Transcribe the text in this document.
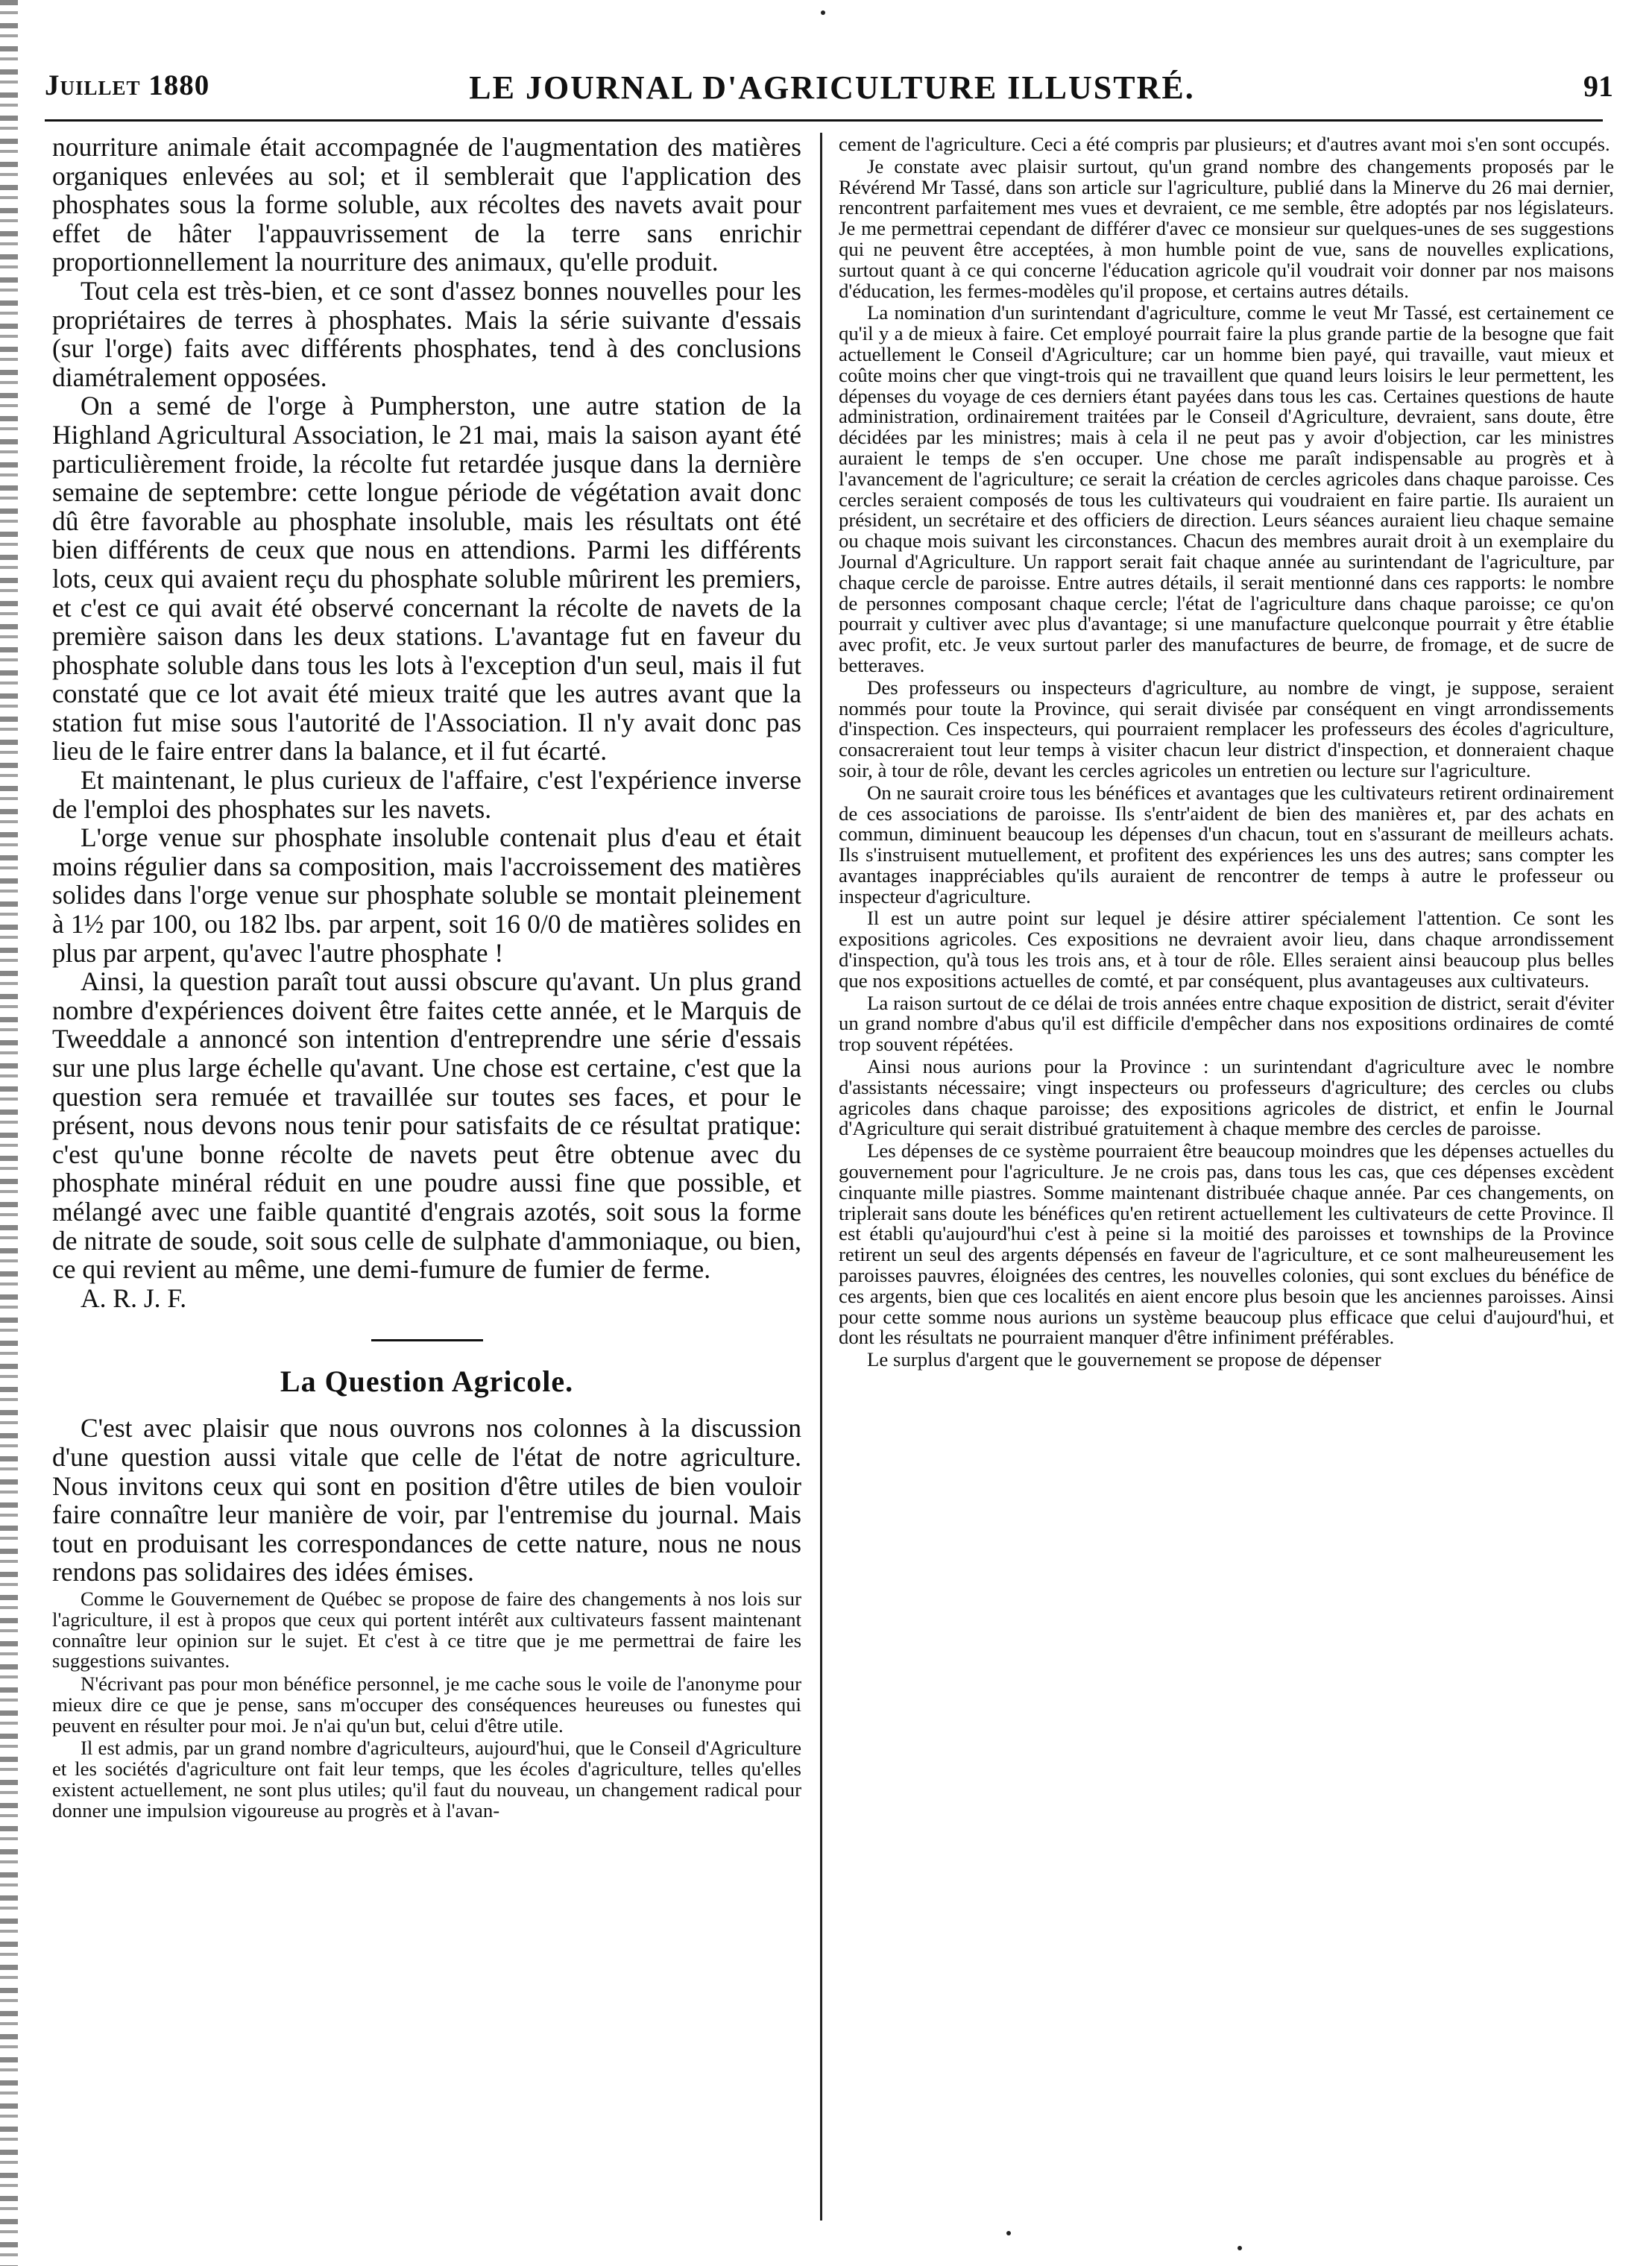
Juillet 1880	LE JOURNAL D'AGRICULTURE ILLUSTRÉ.	91

nourriture animale était accompagnée de l'augmentation des matières organiques enlevées au sol; et il semblerait que l'application des phosphates sous la forme soluble, aux récoltes des navets avait pour effet de hâter l'appauvrissement de la terre sans enrichir proportionnellement la nourriture des animaux, qu'elle produit.

Tout cela est très-bien, et ce sont d'assez bonnes nouvelles pour les propriétaires de terres à phosphates. Mais la série suivante d'essais (sur l'orge) faits avec différents phosphates, tend à des conclusions diamétralement opposées.

On a semé de l'orge à Pumpherston, une autre station de la Highland Agricultural Association, le 21 mai, mais la saison ayant été particulièrement froide, la récolte fut retardée jusque dans la dernière semaine de septembre: cette longue période de végétation avait donc dû être favorable au phosphate insoluble, mais les résultats ont été bien différents de ceux que nous en attendions. Parmi les différents lots, ceux qui avaient reçu du phosphate soluble mûrirent les premiers, et c'est ce qui avait été observé concernant la récolte de navets de la première saison dans les deux stations. L'avantage fut en faveur du phosphate soluble dans tous les lots à l'exception d'un seul, mais il fut constaté que ce lot avait été mieux traité que les autres avant que la station fut mise sous l'autorité de l'Association. Il n'y avait donc pas lieu de le faire entrer dans la balance, et il fut écarté.

Et maintenant, le plus curieux de l'affaire, c'est l'expérience inverse de l'emploi des phosphates sur les navets.

L'orge venue sur phosphate insoluble contenait plus d'eau et était moins régulier dans sa composition, mais l'accroissement des matières solides dans l'orge venue sur phosphate soluble se montait pleinement à 1½ par 100, ou 182 lbs. par arpent, soit 16 0/0 de matières solides en plus par arpent, qu'avec l'autre phosphate !

Ainsi, la question paraît tout aussi obscure qu'avant. Un plus grand nombre d'expériences doivent être faites cette année, et le Marquis de Tweeddale a annoncé son intention d'entreprendre une série d'essais sur une plus large échelle qu'avant. Une chose est certaine, c'est que la question sera remuée et travaillée sur toutes ses faces, et pour le présent, nous devons nous tenir pour satisfaits de ce résultat pratique: c'est qu'une bonne récolte de navets peut être obtenue avec du phosphate minéral réduit en une poudre aussi fine que possible, et mélangé avec une faible quantité d'engrais azotés, soit sous la forme de nitrate de soude, soit sous celle de sulphate d'ammoniaque, ou bien, ce qui revient au même, une demi-fumure de fumier de ferme.

A. R. J. F.

La Question Agricole.

C'est avec plaisir que nous ouvrons nos colonnes à la discussion d'une question aussi vitale que celle de l'état de notre agriculture. Nous invitons ceux qui sont en position d'être utiles de bien vouloir faire connaître leur manière de voir, par l'entremise du journal. Mais tout en produisant les correspondances de cette nature, nous ne nous rendons pas solidaires des idées émises.

Comme le Gouvernement de Québec se propose de faire des changements à nos lois sur l'agriculture, il est à propos que ceux qui portent intérêt aux cultivateurs fassent maintenant connaître leur opinion sur le sujet. Et c'est à ce titre que je me permettrai de faire les suggestions suivantes.

N'écrivant pas pour mon bénéfice personnel, je me cache sous le voile de l'anonyme pour mieux dire ce que je pense, sans m'occuper des conséquences heureuses ou funestes qui peuvent en résulter pour moi. Je n'ai qu'un but, celui d'être utile.

Il est admis, par un grand nombre d'agriculteurs, aujourd'hui, que le Conseil d'Agriculture et les sociétés d'agriculture ont fait leur temps, que les écoles d'agriculture, telles qu'elles existent actuellement, ne sont plus utiles; qu'il faut du nouveau, un changement radical pour donner une impulsion vigoureuse au progrès et à l'avan-

cement de l'agriculture. Ceci a été compris par plusieurs; et d'autres avant moi s'en sont occupés.

Je constate avec plaisir surtout, qu'un grand nombre des changements proposés par le Révérend Mr Tassé, dans son article sur l'agriculture, publié dans la Minerve du 26 mai dernier, rencontrent parfaitement mes vues et devraient, ce me semble, être adoptés par nos législateurs. Je me permettrai cependant de différer d'avec ce monsieur sur quelques-unes de ses suggestions qui ne peuvent être acceptées, à mon humble point de vue, sans de nouvelles explications, surtout quant à ce qui concerne l'éducation agricole qu'il voudrait voir donner par nos maisons d'éducation, les fermes-modèles qu'il propose, et certains autres détails.

La nomination d'un surintendant d'agriculture, comme le veut Mr Tassé, est certainement ce qu'il y a de mieux à faire. Cet employé pourrait faire la plus grande partie de la besogne que fait actuellement le Conseil d'Agriculture; car un homme bien payé, qui travaille, vaut mieux et coûte moins cher que vingt-trois qui ne travaillent que quand leurs loisirs le leur permettent, les dépenses du voyage de ces derniers étant payées dans tous les cas. Certaines questions de haute administration, ordinairement traitées par le Conseil d'Agriculture, devraient, sans doute, être décidées par les ministres; mais à cela il ne peut pas y avoir d'objection, car les ministres auraient le temps de s'en occuper. Une chose me paraît indispensable au progrès et à l'avancement de l'agriculture; ce serait la création de cercles agricoles dans chaque paroisse. Ces cercles seraient composés de tous les cultivateurs qui voudraient en faire partie. Ils auraient un président, un secrétaire et des officiers de direction. Leurs séances auraient lieu chaque semaine ou chaque mois suivant les circonstances. Chacun des membres aurait droit à un exemplaire du Journal d'Agriculture. Un rapport serait fait chaque année au surintendant de l'agriculture, par chaque cercle de paroisse. Entre autres détails, il serait mentionné dans ces rapports: le nombre de personnes composant chaque cercle; l'état de l'agriculture dans chaque paroisse; ce qu'on pourrait y cultiver avec plus d'avantage; si une manufacture quelconque pourrait y être établie avec profit, etc. Je veux surtout parler des manufactures de beurre, de fromage, et de sucre de betteraves.

Des professeurs ou inspecteurs d'agriculture, au nombre de vingt, je suppose, seraient nommés pour toute la Province, qui serait divisée par conséquent en vingt arrondissements d'inspection. Ces inspecteurs, qui pourraient remplacer les professeurs des écoles d'agriculture, consacreraient tout leur temps à visiter chacun leur district d'inspection, et donneraient chaque soir, à tour de rôle, devant les cercles agricoles un entretien ou lecture sur l'agriculture.

On ne saurait croire tous les bénéfices et avantages que les cultivateurs retirent ordinairement de ces associations de paroisse. Ils s'entr'aident de bien des manières et, par des achats en commun, diminuent beaucoup les dépenses d'un chacun, tout en s'assurant de meilleurs achats. Ils s'instruisent mutuellement, et profitent des expériences les uns des autres; sans compter les avantages inappréciables qu'ils auraient de rencontrer de temps à autre le professeur ou inspecteur d'agriculture.

Il est un autre point sur lequel je désire attirer spécialement l'attention. Ce sont les expositions agricoles. Ces expositions ne devraient avoir lieu, dans chaque arrondissement d'inspection, qu'à tous les trois ans, et à tour de rôle. Elles seraient ainsi beaucoup plus belles que nos expositions actuelles de comté, et par conséquent, plus avantageuses aux cultivateurs.

La raison surtout de ce délai de trois années entre chaque exposition de district, serait d'éviter un grand nombre d'abus qu'il est difficile d'empêcher dans nos expositions ordinaires de comté trop souvent répétées.

Ainsi nous aurions pour la Province : un surintendant d'agriculture avec le nombre d'assistants nécessaire; vingt inspecteurs ou professeurs d'agriculture; des cercles ou clubs agricoles dans chaque paroisse; des expositions agricoles de district, et enfin le Journal d'Agriculture qui serait distribué gratuitement à chaque membre des cercles de paroisse.

Les dépenses de ce système pourraient être beaucoup moindres que les dépenses actuelles du gouvernement pour l'agriculture. Je ne crois pas, dans tous les cas, que ces dépenses excèdent cinquante mille piastres. Somme maintenant distribuée chaque année. Par ces changements, on triplerait sans doute les bénéfices qu'en retirent actuellement les cultivateurs de cette Province. Il est établi qu'aujourd'hui c'est à peine si la moitié des paroisses et townships de la Province retirent un seul des argents dépensés en faveur de l'agriculture, et ce sont malheureusement les paroisses pauvres, éloignées des centres, les nouvelles colonies, qui sont exclues du bénéfice de ces argents, bien que ces localités en aient encore plus besoin que les anciennes paroisses. Ainsi pour cette somme nous aurions un système beaucoup plus efficace que celui d'aujourd'hui, et dont les résultats ne pourraient manquer d'être infiniment préférables.

Le surplus d'argent que le gouvernement se propose de dépenser
